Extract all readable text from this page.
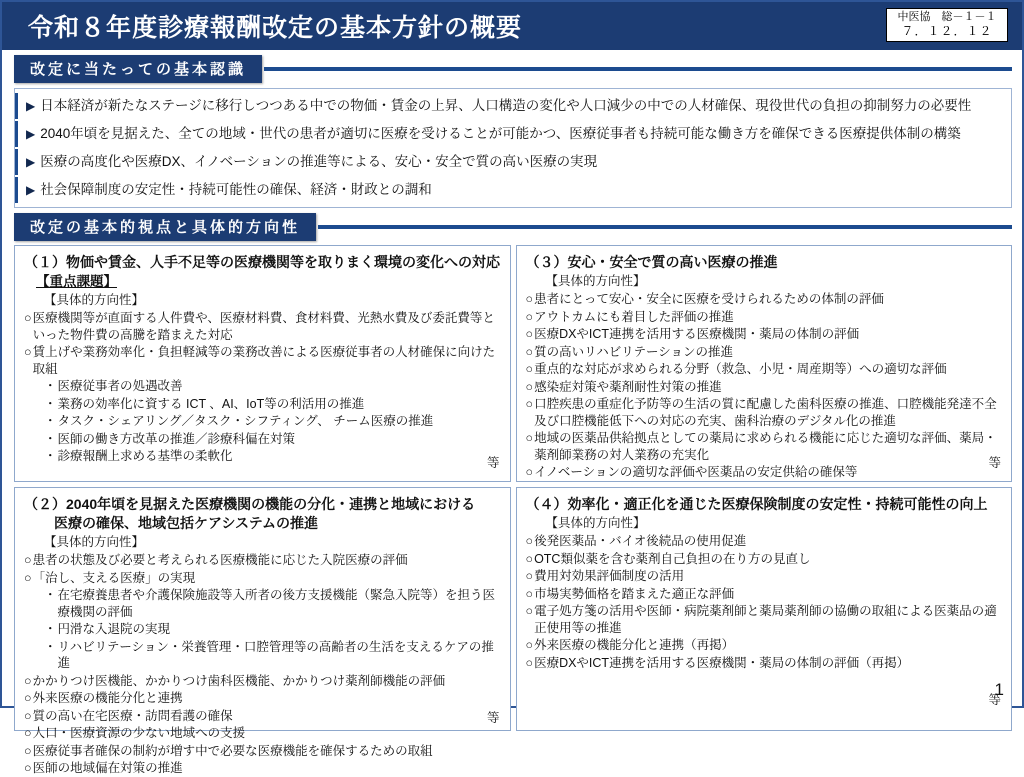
令和８年度診療報酬改定の基本方針の概要	中医協　総－１－１
７．１２．１２
改定に当たっての基本認識
▶ 日本経済が新たなステージに移行しつつある中での物価・賃金の上昇、人口構造の変化や人口減少の中での人材確保、現役世代の負担の抑制努力の必要性
▶ 2040年頃を見据えた、全ての地域・世代の患者が適切に医療を受けることが可能かつ、医療従事者も持続可能な働き方を確保できる医療提供体制の構築
▶ 医療の高度化や医療DX、イノベーションの推進等による、安心・安全で質の高い医療の実現
▶ 社会保障制度の安定性・持続可能性の確保、経済・財政との調和
改定の基本的視点と具体的方向性
（１）物価や賃金、人手不足等の医療機関等を取りまく環境の変化への対応
【重点課題】
【具体的方向性】
○ 医療機関等が直面する人件費や、医療材料費、食材料費、光熱水費及び委託費等といった物件費の高騰を踏まえた対応
○ 賃上げや業務効率化・負担軽減等の業務改善による医療従事者の人材確保に向けた取組
・ 医療従事者の処遇改善
・ 業務の効率化に資する ICT 、AI、IoT等の利活用の推進
・ タスク・シェアリング／タスク・シフティング、 チーム医療の推進
・ 医師の働き方改革の推進／診療科偏在対策
・ 診療報酬上求める基準の柔軟化	等
（３）安心・安全で質の高い医療の推進
【具体的方向性】
○ 患者にとって安心・安全に医療を受けられるための体制の評価
○ アウトカムにも着目した評価の推進
○ 医療DXやICT連携を活用する医療機関・薬局の体制の評価
○ 質の高いリハビリテーションの推進
○ 重点的な対応が求められる分野（救急、小児・周産期等）への適切な評価
○ 感染症対策や薬剤耐性対策の推進
○ 口腔疾患の重症化予防等の生活の質に配慮した歯科医療の推進、口腔機能発達不全及び口腔機能低下への対応の充実、歯科治療のデジタル化の推進
○ 地域の医薬品供給拠点としての薬局に求められる機能に応じた適切な評価、薬局・薬剤師業務の対人業務の充実化
○ イノベーションの適切な評価や医薬品の安定供給の確保等
等
（２）2040年頃を見据えた医療機関の機能の分化・連携と地域における
医療の確保、地域包括ケアシステムの推進
【具体的方向性】
○ 患者の状態及び必要と考えられる医療機能に応じた入院医療の評価
○ 「治し、支える医療」の実現
・ 在宅療養患者や介護保険施設等入所者の後方支援機能（緊急入院等）を担う医療機関の評価
・ 円滑な入退院の実現
・ リハビリテーション・栄養管理・口腔管理等の高齢者の生活を支えるケアの推進
○ かかりつけ医機能、かかりつけ歯科医機能、かかりつけ薬剤師機能の評価
○ 外来医療の機能分化と連携
○ 質の高い在宅医療・訪問看護の確保
○ 人口・医療資源の少ない地域への支援
○ 医療従事者確保の制約が増す中で必要な医療機能を確保するための取組
○ 医師の地域偏在対策の推進
等
（４）効率化・適正化を通じた医療保険制度の安定性・持続可能性の向上
【具体的方向性】
○ 後発医薬品・バイオ後続品の使用促進
○ OTC類似薬を含む薬剤自己負担の在り方の見直し
○ 費用対効果評価制度の活用
○ 市場実勢価格を踏まえた適正な評価
○ 電子処方箋の活用や医師・病院薬剤師と薬局薬剤師の協働の取組による医薬品の適正使用等の推進
○ 外来医療の機能分化と連携（再掲）
○ 医療DXやICT連携を活用する医療機関・薬局の体制の評価（再掲）
等
1
